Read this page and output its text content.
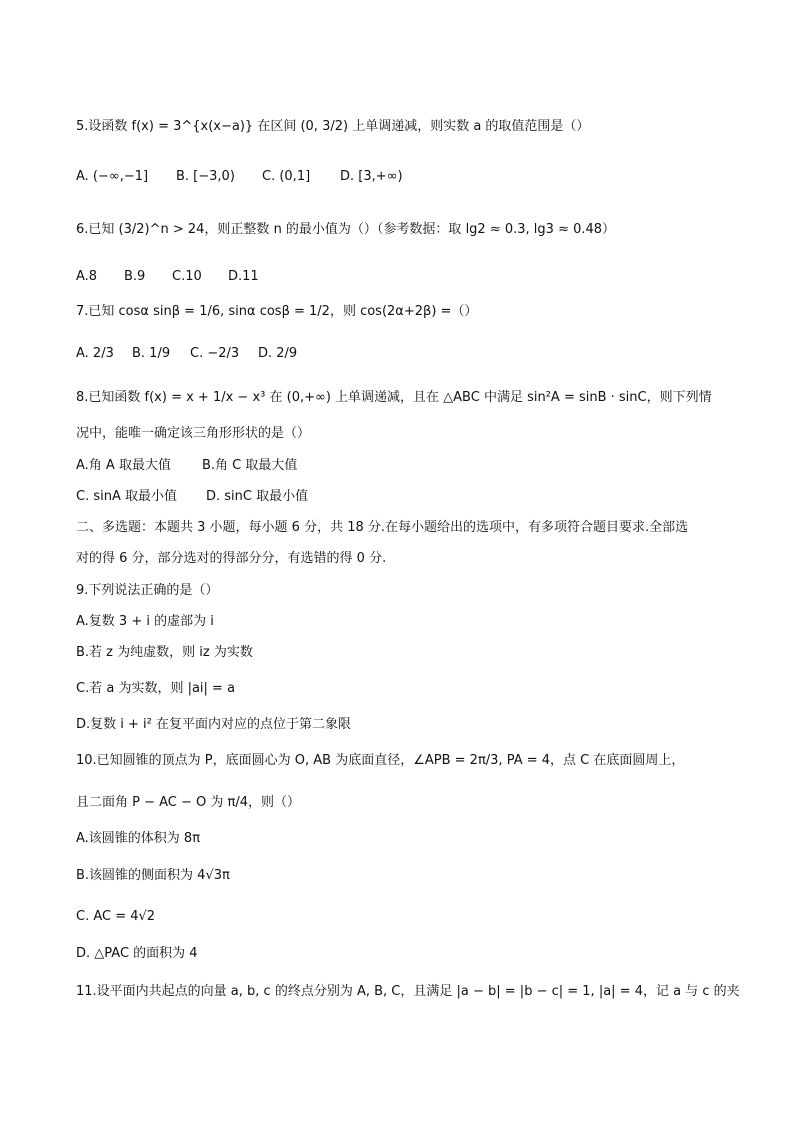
5.设函数 f(x) = 3^{x(x−a)} 在区间 (0, 3/2) 上单调递减，则实数 a 的取值范围是（）
A. (−∞,−1] B. [−3,0) C. (0,1] D. [3,+∞)
6.已知 (3/2)^n > 24，则正整数 n 的最小值为（）（参考数据：取 lg2 ≈ 0.3, lg3 ≈ 0.48）
A.8 B.9 C.10 D.11
7.已知 cosα sinβ = 1/6, sinα cosβ = 1/2，则 cos(2α+2β) =（）
A. 2/3 B. 1/9 C. −2/3 D. 2/9
8.已知函数 f(x) = x + 1/x − x³ 在 (0,+∞) 上单调递减，且在 △ABC 中满足 sin²A = sinB · sinC，则下列情
况中，能唯一确定该三角形形状的是（）
A.角 A 取最大值 B.角 C 取最大值
C. sinA 取最小值 D. sinC 取最小值
二、多选题：本题共 3 小题，每小题 6 分，共 18 分.在每小题给出的选项中，有多项符合题目要求.全部选
对的得 6 分，部分选对的得部分分，有选错的得 0 分.
9.下列说法正确的是（）
A.复数 3 + i 的虚部为 i
B.若 z 为纯虚数，则 iz 为实数
C.若 a 为实数，则 |ai| = a
D.复数 i + i² 在复平面内对应的点位于第二象限
10.已知圆锥的顶点为 P，底面圆心为 O, AB 为底面直径，∠APB = 2π/3, PA = 4，点 C 在底面圆周上，
且二面角 P − AC − O 为 π/4，则（）
A.该圆锥的体积为 8π
B.该圆锥的侧面积为 4√3π
C. AC = 4√2
D. △PAC 的面积为 4
11.设平面内共起点的向量 a, b, c 的终点分别为 A, B, C，且满足 |a − b| = |b − c| = 1, |a| = 4，记 a 与 c 的夹
